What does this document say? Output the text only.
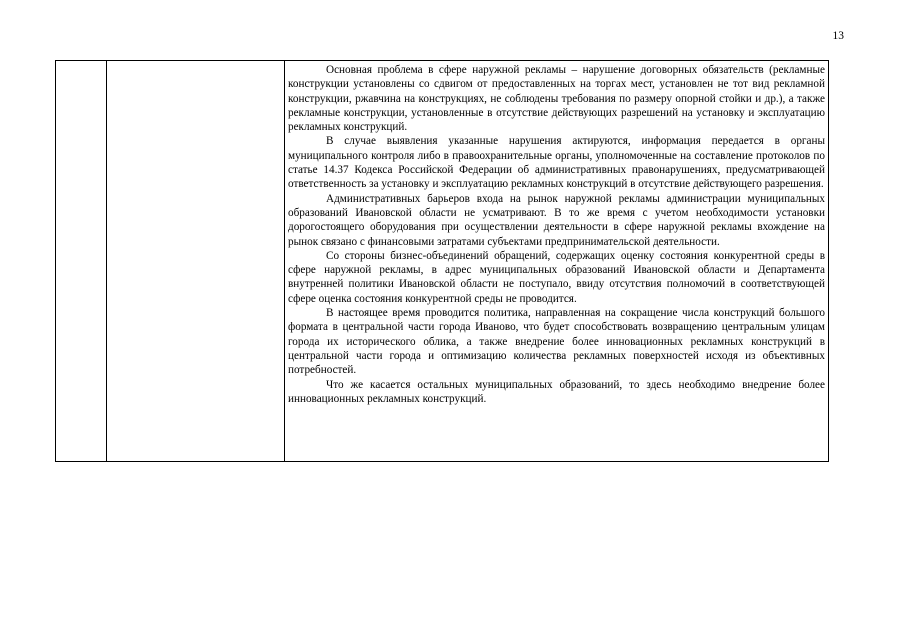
13

Основная проблема в сфере наружной рекламы – нарушение договорных обязательств (рекламные конструкции установлены со сдвигом от предоставленных на торгах мест, установлен не тот вид рекламной конструкции, ржавчина на конструкциях, не соблюдены требования по размеру опорной стойки и др.), а также рекламные конструкции, установленные в отсутствие действующих разрешений на установку и эксплуатацию рекламных конструкций.

В случае выявления указанные нарушения актируются, информация передается в органы муниципального контроля либо в правоохранительные органы, уполномоченные на составление протоколов по статье 14.37 Кодекса Российской Федерации об административных правонарушениях, предусматривающей ответственность за установку и эксплуатацию рекламных конструкций в отсутствие действующего разрешения.

Административных барьеров входа на рынок наружной рекламы администрации муниципальных образований Ивановской области не усматривают. В то же время с учетом необходимости установки дорогостоящего оборудования при осуществлении деятельности в сфере наружной рекламы вхождение на рынок связано с финансовыми затратами субъектами предпринимательской деятельности.

Со стороны бизнес-объединений обращений, содержащих оценку состояния конкурентной среды в сфере наружной рекламы, в адрес муниципальных образований Ивановской области и Департамента внутренней политики Ивановской области не поступало, ввиду отсутствия полномочий в соответствующей сфере оценка состояния конкурентной среды не проводится.

В настоящее время проводится политика, направленная на сокращение числа конструкций большого формата в центральной части города Иваново, что будет способствовать возвращению центральным улицам города их исторического облика, а также внедрение более инновационных рекламных конструкций в центральной части города и оптимизацию количества рекламных поверхностей исходя из объективных потребностей.

Что же касается остальных муниципальных образований, то здесь необходимо внедрение более инновационных рекламных конструкций.
